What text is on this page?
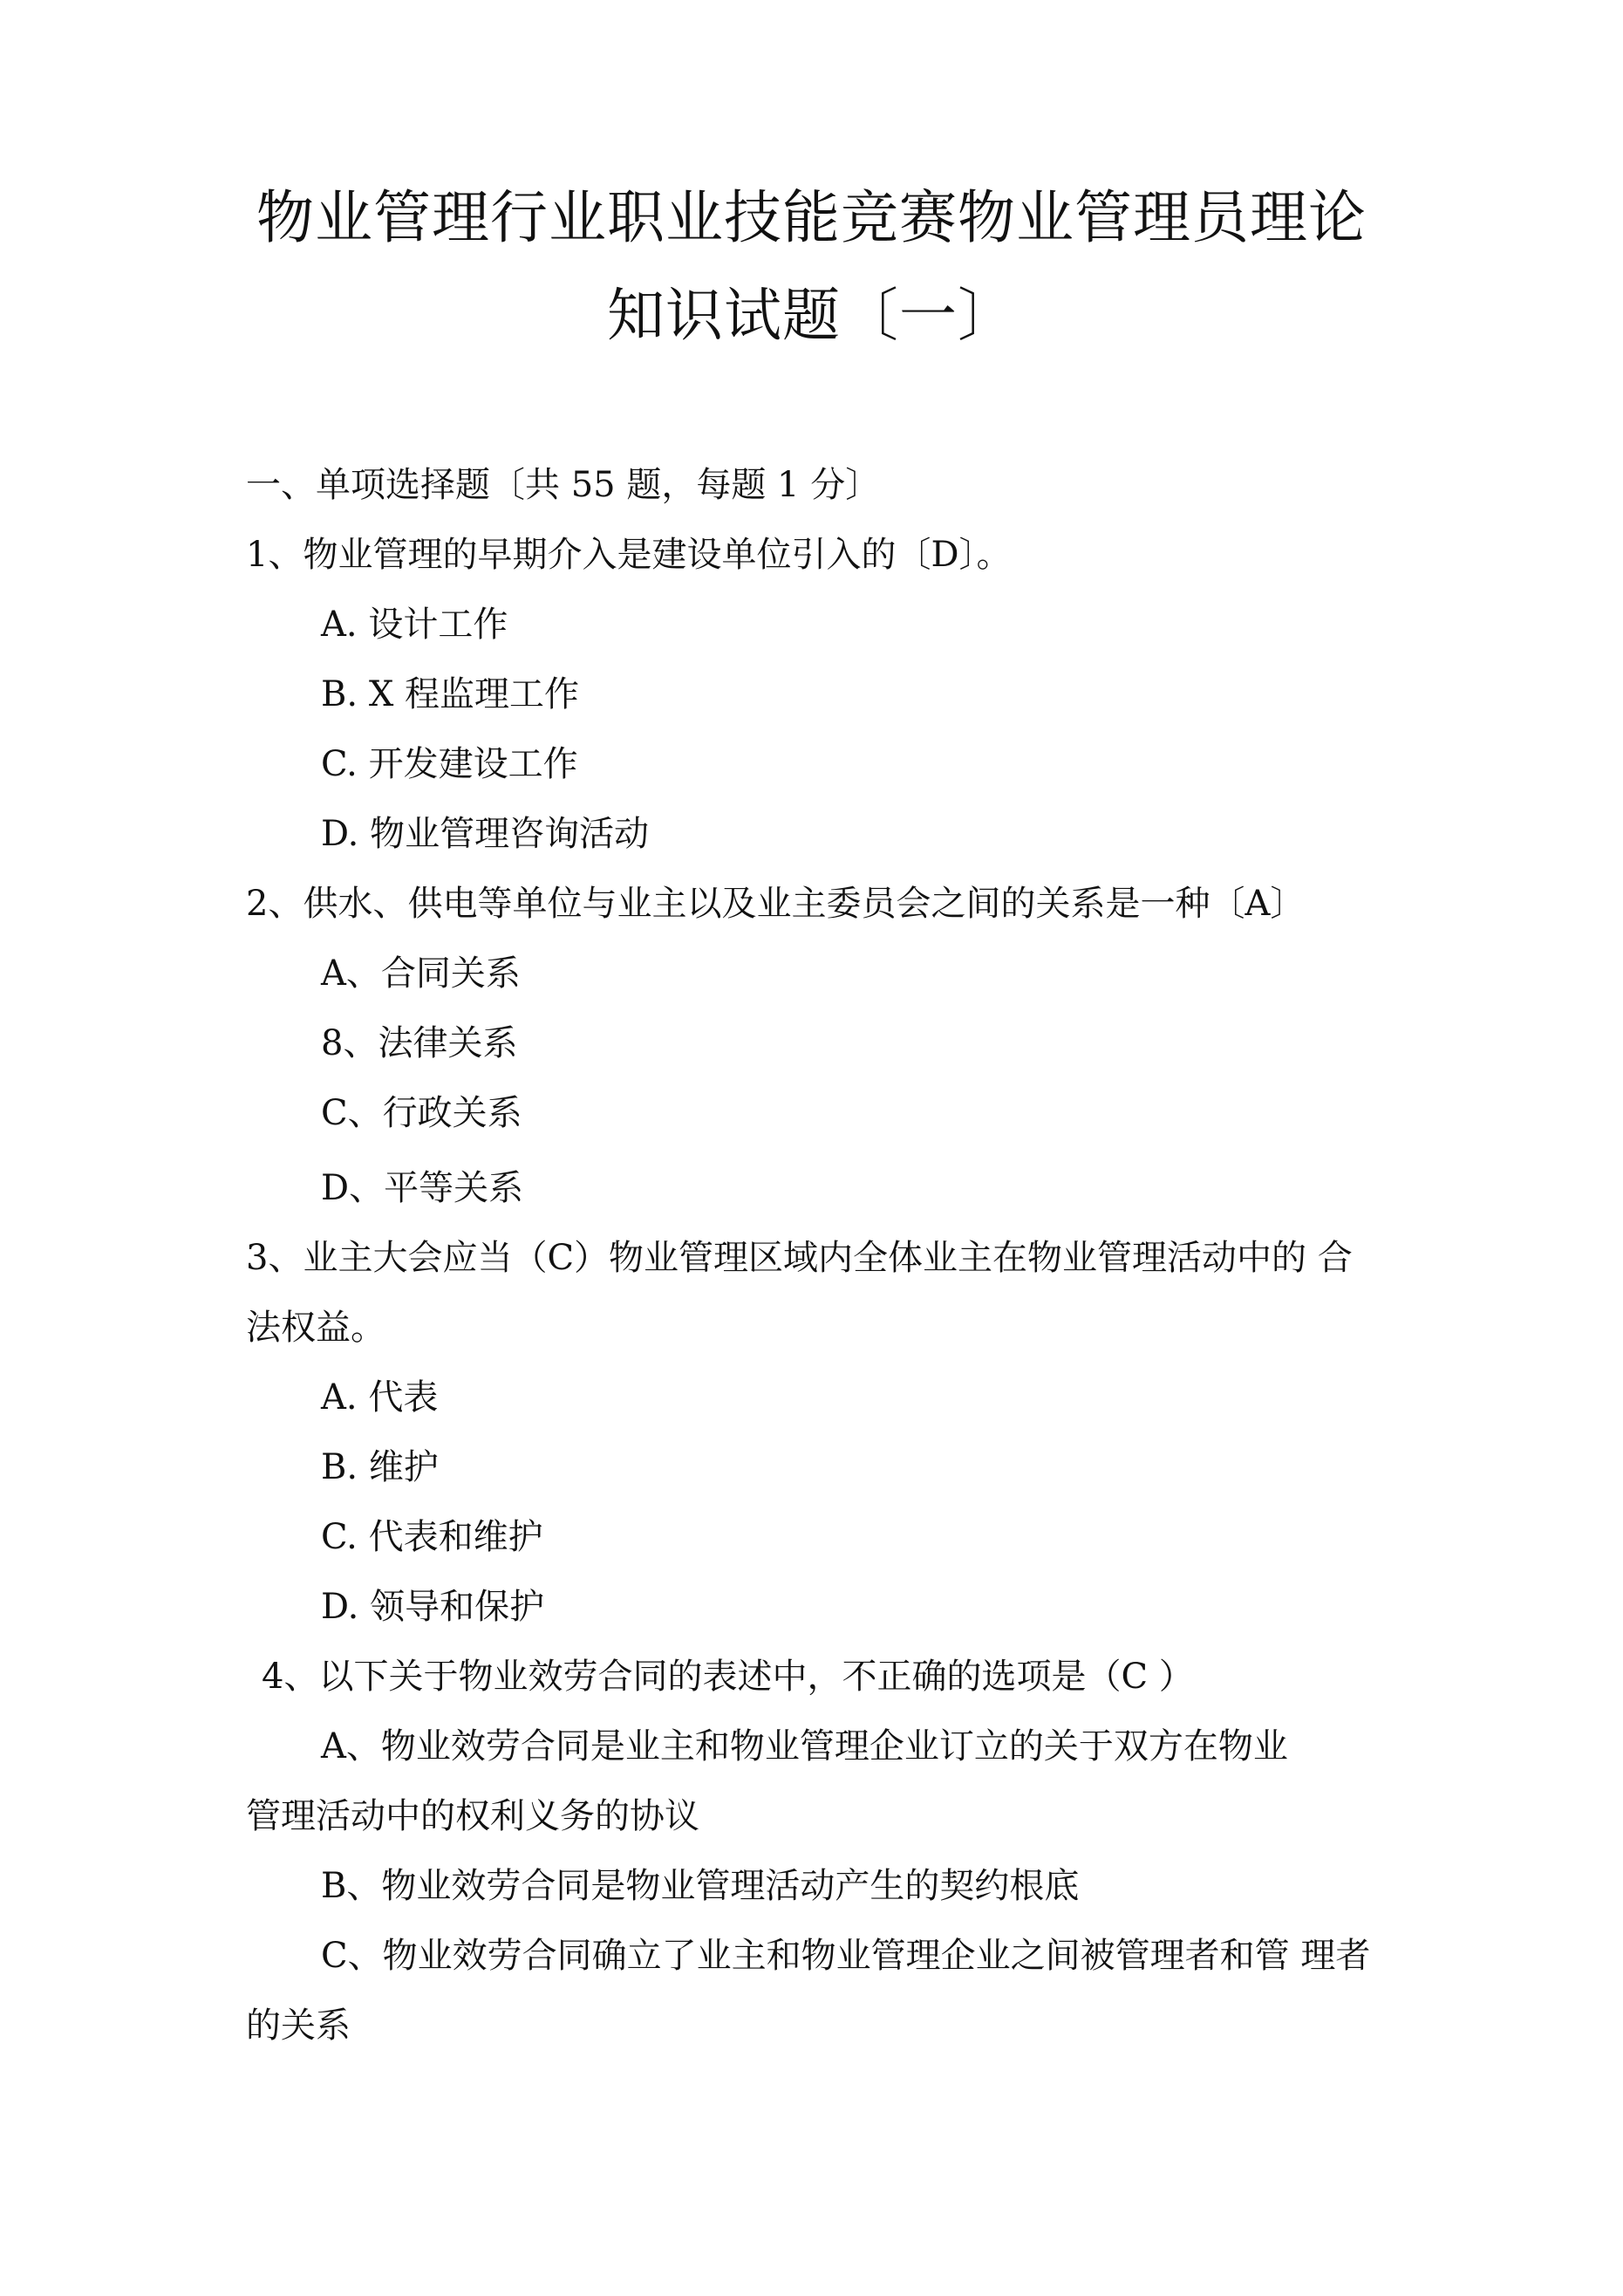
物业管理行业职业技能竞赛物业管理员理论
知识试题〔一〕
一、单项选择题〔共 55 题，每题 1 分〕
1、物业管理的早期介入是建设单位引入的〔D〕。
A. 设计工作
B. X 程监理工作
C. 开发建设工作
D. 物业管理咨询活动
2、供水、供电等单位与业主以及业主委员会之间的关系是一种〔A〕
A、合同关系
8、法律关系
C、行政关系
D、平等关系
3、业主大会应当（C）物业管理区域内全体业主在物业管理活动中的 合
法权益。
A. 代表
B. 维护
C. 代表和维护
D. 领导和保护
4、以下关于物业效劳合同的表述中，不正确的选项是（C ）
A、物业效劳合同是业主和物业管理企业订立的关于双方在物业
管理活动中的权利义务的协议
B、物业效劳合同是物业管理活动产生的契约根底
C、物业效劳合同确立了业主和物业管理企业之间被管理者和管 理者
的关系
